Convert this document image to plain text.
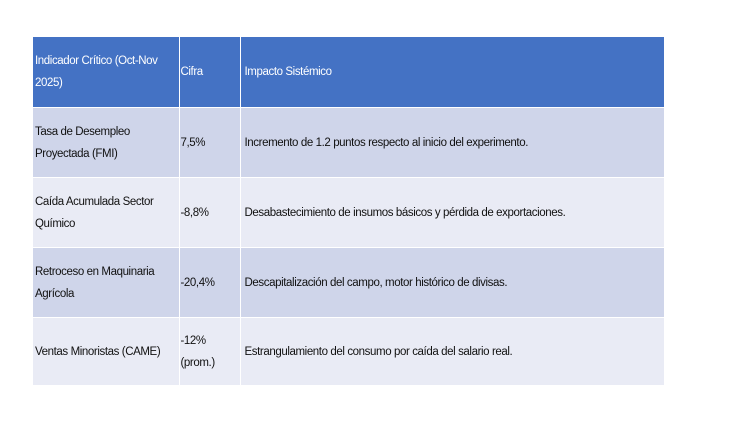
Indicador Crítico (Oct-Nov 2025)	Cifra	Impacto Sistémico
Tasa de Desempleo Proyectada (FMI)	7,5%	Incremento de 1.2 puntos respecto al inicio del experimento.
Caída Acumulada Sector Químico	-8,8%	Desabastecimiento de insumos básicos y pérdida de exportaciones.
Retroceso en Maquinaria Agrícola	-20,4%	Descapitalización del campo, motor histórico de divisas.
Ventas Minoristas (CAME)	-12% (prom.)	Estrangulamiento del consumo por caída del salario real.
